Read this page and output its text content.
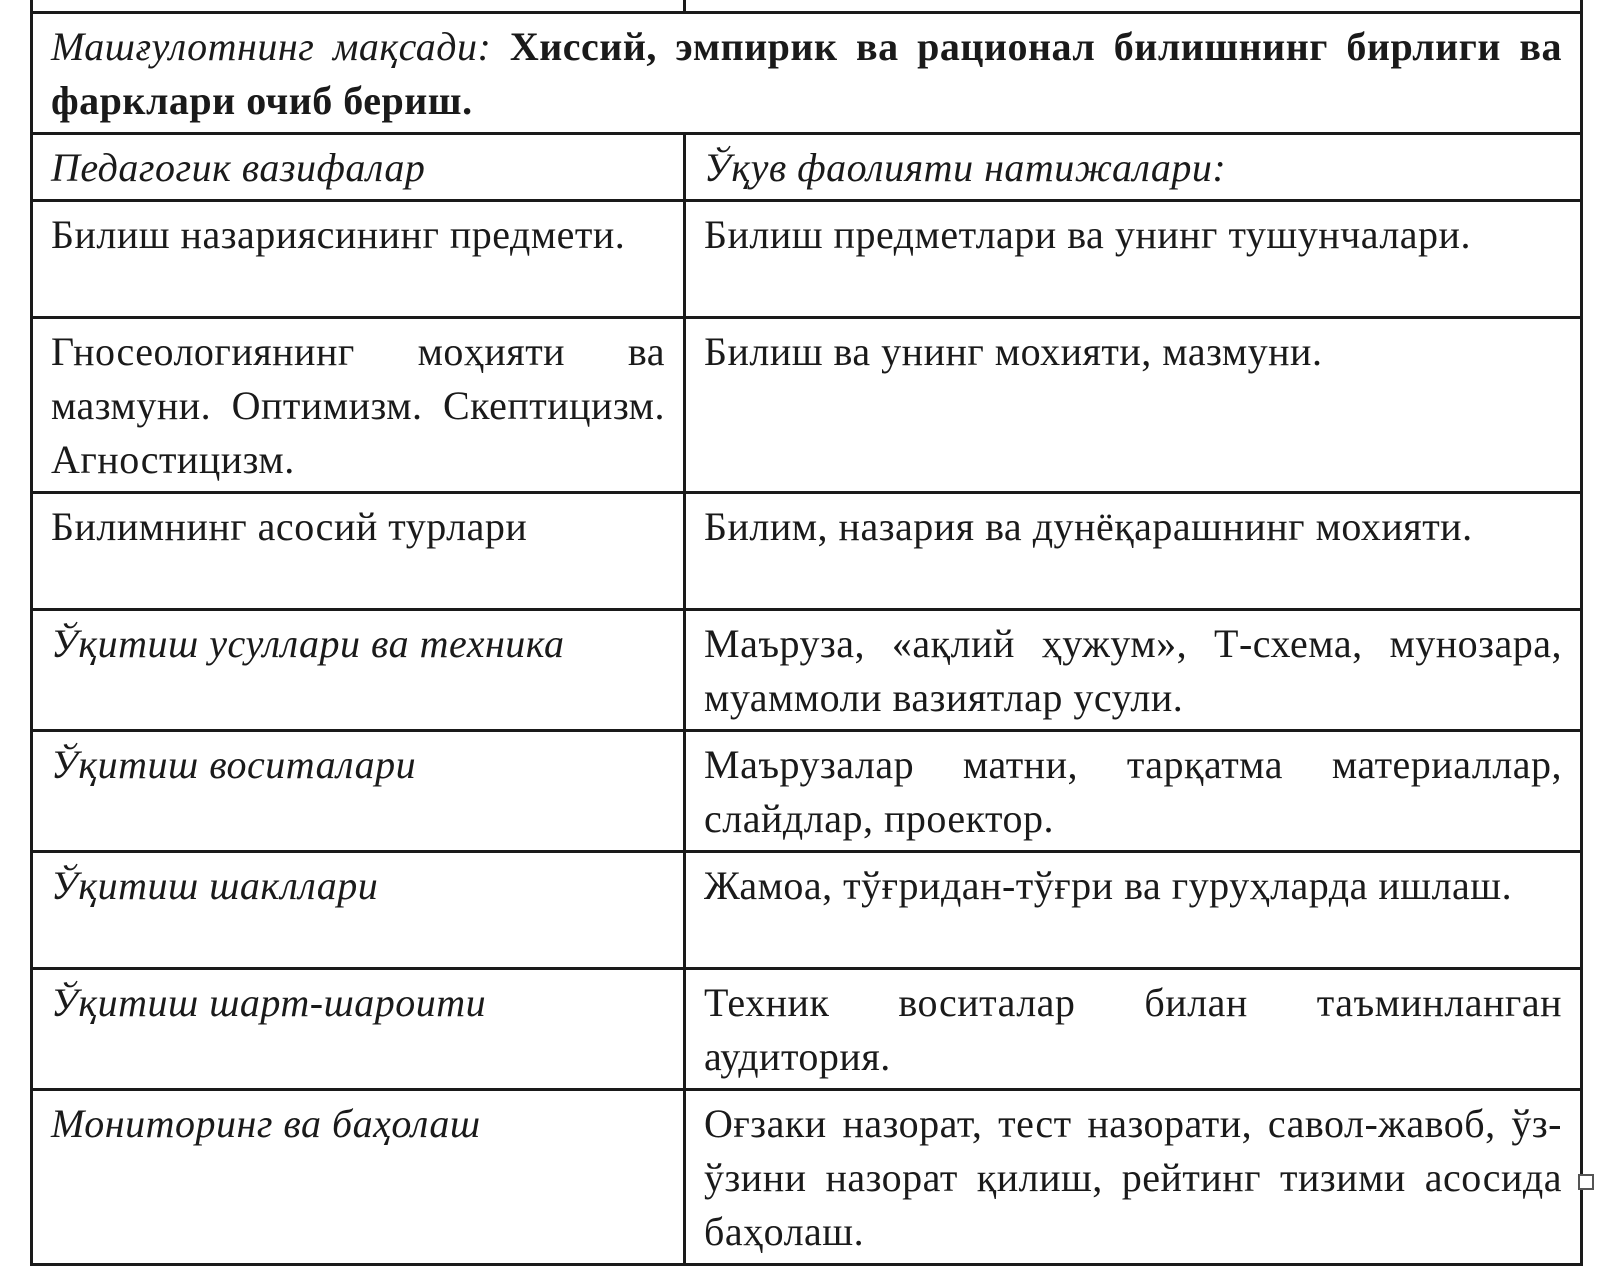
Машғулотнинг мақсади: Хиссий, эмпирик ва рационал билишнинг бирлиги ва фарклари очиб бериш.	
Педагогик вазифалар	Ўқув фаолияти натижалари:
Билиш назариясининг предмети.	Билиш предметлари ва унинг тушунчалари.
Гносеологиянинг моҳияти ва мазмуни. Оптимизм. Скептицизм. Агностицизм.	Билиш ва унинг мохияти, мазмуни.
Билимнинг асосий турлари	Билим, назария ва дунёқарашнинг мохияти.
Ўқитиш усуллари ва техника	Маъруза, «ақлий ҳужум», Т-схема, мунозара, муаммоли вазиятлар усули.
Ўқитиш воситалари	Маърузалар матни, тарқатма материаллар, слайдлар, проектор.
Ўқитиш шакллари	Жамоа, тўғридан-тўғри ва гуруҳларда ишлаш.
Ўқитиш шарт-шароити	Техник воситалар билан таъминланган аудитория.
Мониторинг ва баҳолаш	Оғзаки назорат, тест назорати, савол-жавоб, ўз-ўзини назорат қилиш, рейтинг тизими асосида баҳолаш.
